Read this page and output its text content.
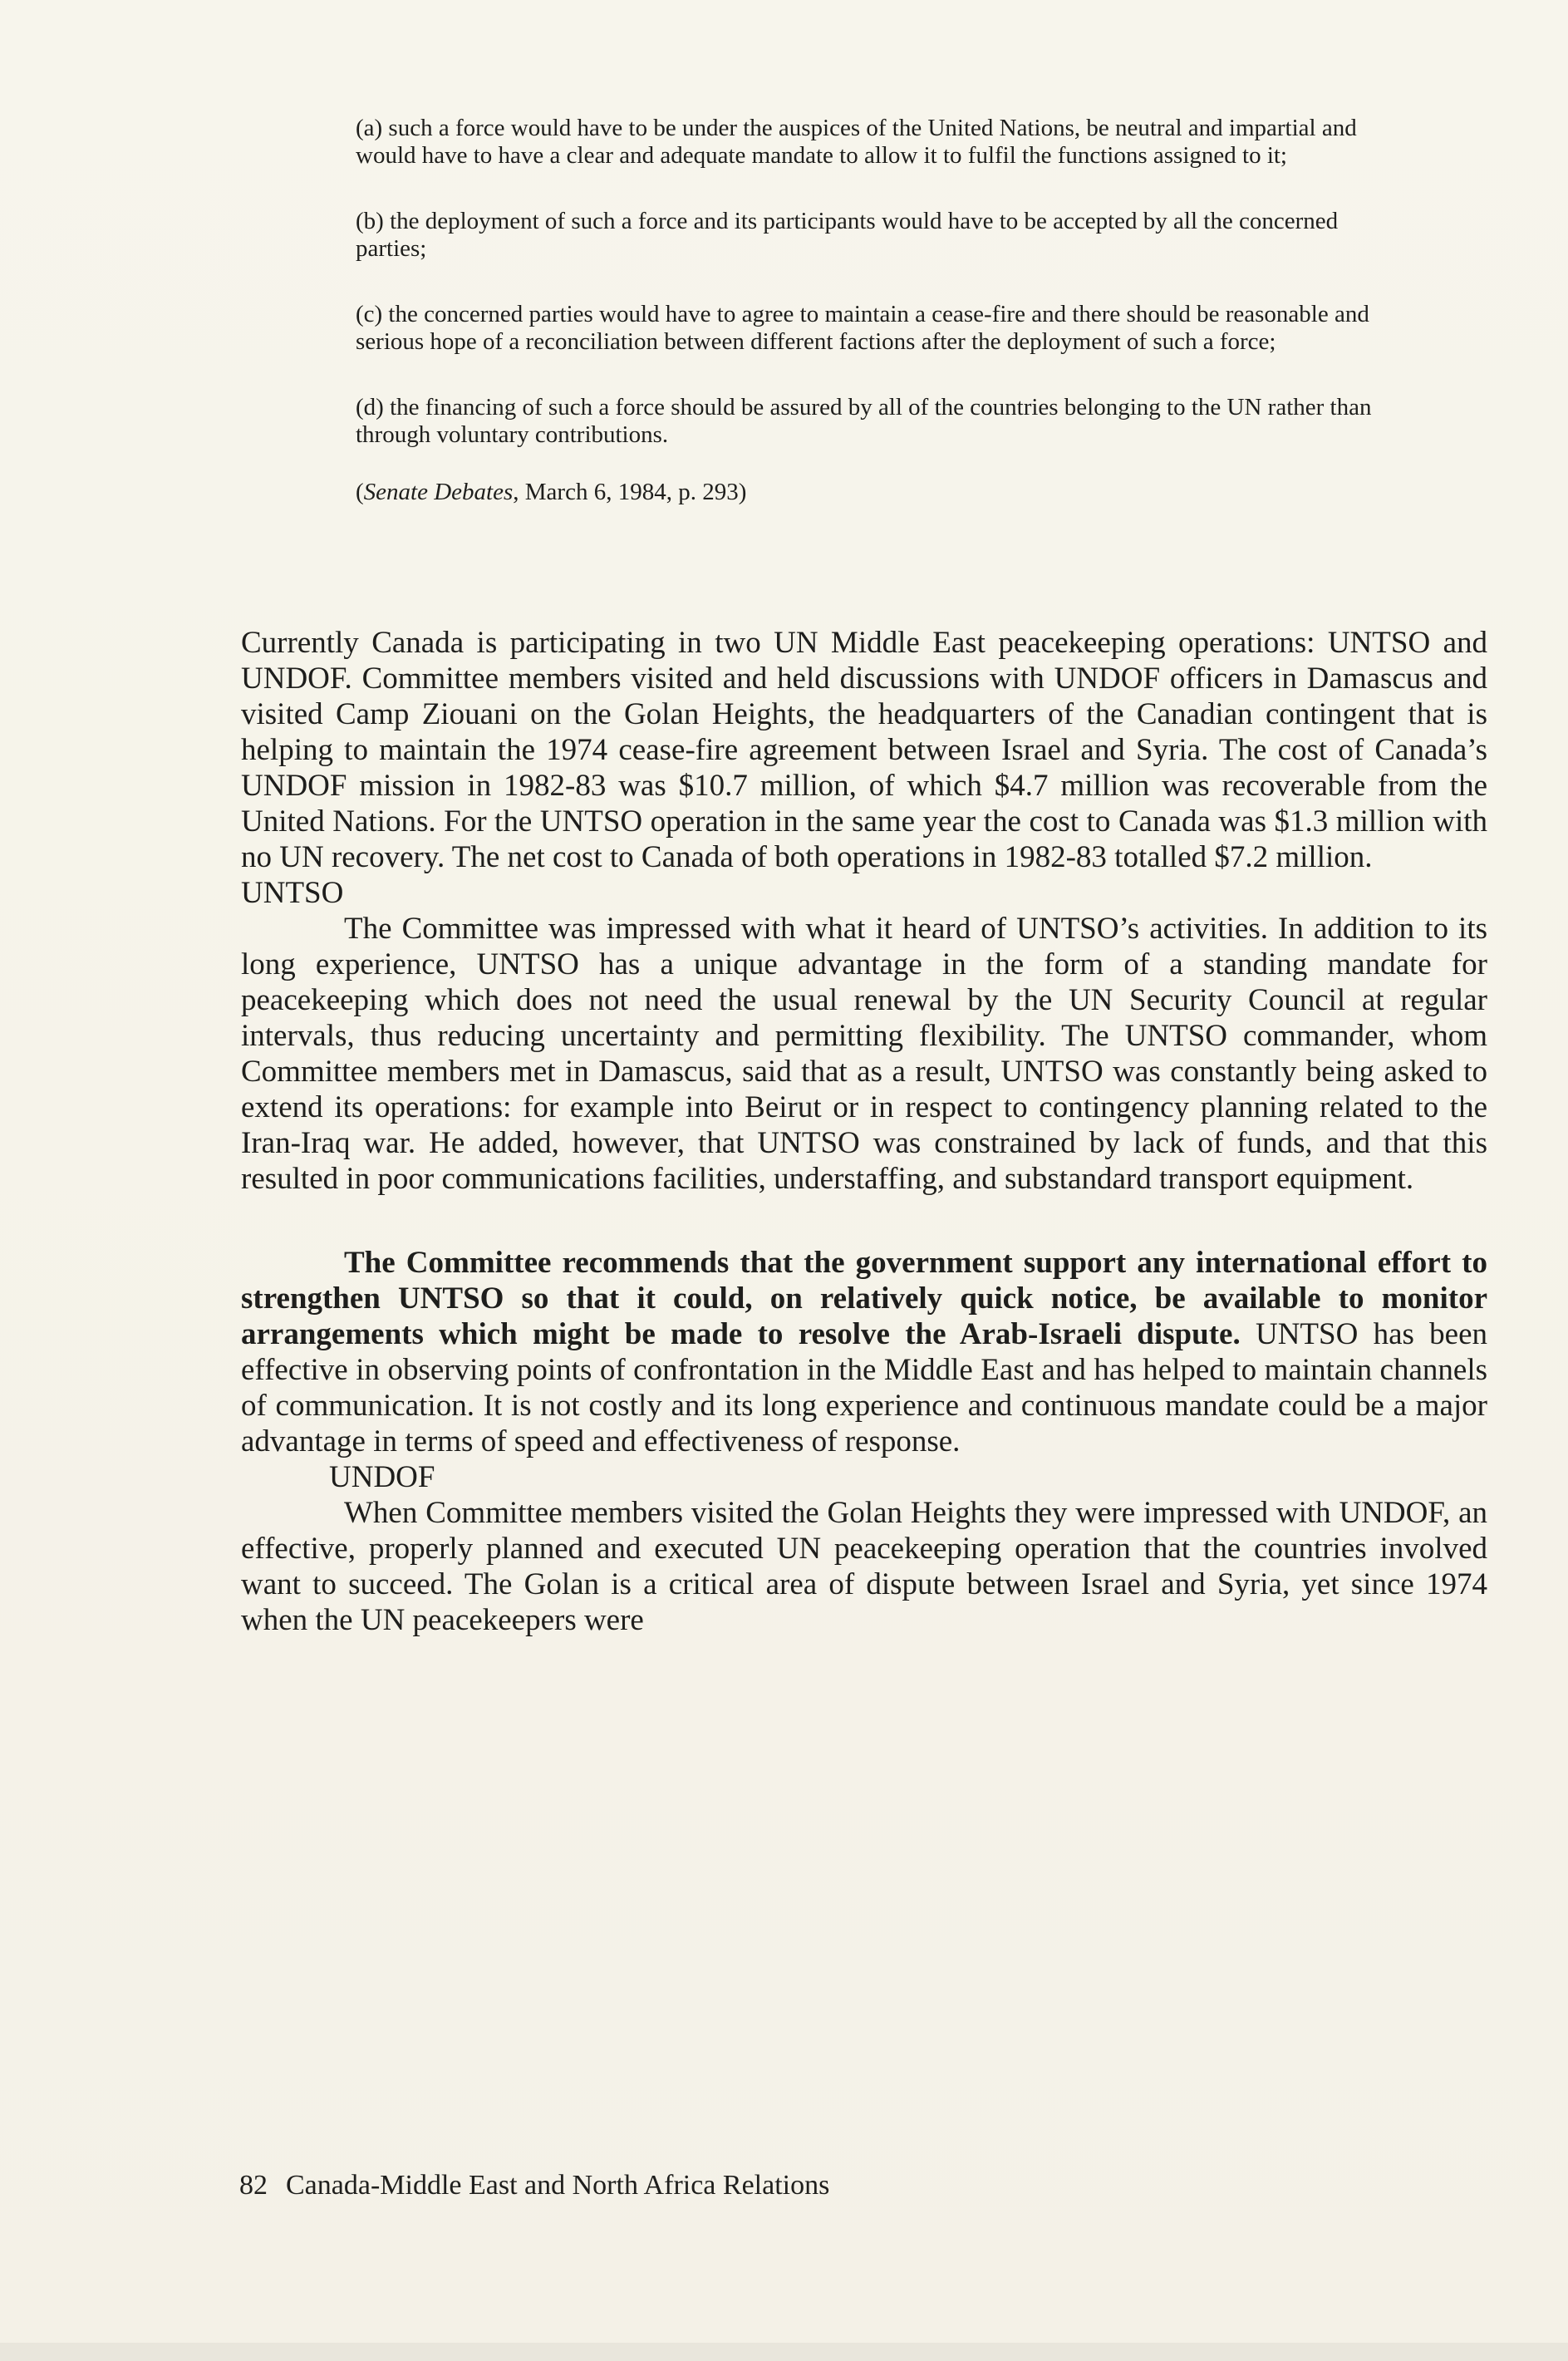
(a) such a force would have to be under the auspices of the United Nations, be neutral and impartial and would have to have a clear and adequate mandate to allow it to fulfil the functions assigned to it;

(b) the deployment of such a force and its participants would have to be accepted by all the concerned parties;

(c) the concerned parties would have to agree to maintain a cease-fire and there should be reasonable and serious hope of a reconciliation between different factions after the deployment of such a force;

(d) the financing of such a force should be assured by all of the countries belonging to the UN rather than through voluntary contributions.

(Senate Debates, March 6, 1984, p. 293)

Currently Canada is participating in two UN Middle East peacekeeping operations: UNTSO and UNDOF. Committee members visited and held discussions with UNDOF officers in Damascus and visited Camp Ziouani on the Golan Heights, the headquarters of the Canadian contingent that is helping to maintain the 1974 cease-fire agreement between Israel and Syria. The cost of Canada’s UNDOF mission in 1982-83 was $10.7 million, of which $4.7 million was recoverable from the United Nations. For the UNTSO operation in the same year the cost to Canada was $1.3 million with no UN recovery. The net cost to Canada of both operations in 1982-83 totalled $7.2 million.

UNTSO

The Committee was impressed with what it heard of UNTSO’s activities. In addition to its long experience, UNTSO has a unique advantage in the form of a standing mandate for peacekeeping which does not need the usual renewal by the UN Security Council at regular intervals, thus reducing uncertainty and permitting flexibility. The UNTSO commander, whom Committee members met in Damascus, said that as a result, UNTSO was constantly being asked to extend its operations: for example into Beirut or in respect to contingency planning related to the Iran-Iraq war. He added, however, that UNTSO was constrained by lack of funds, and that this resulted in poor communications facilities, understaffing, and substandard transport equipment.

The Committee recommends that the government support any international effort to strengthen UNTSO so that it could, on relatively quick notice, be available to monitor arrangements which might be made to resolve the Arab-Israeli dispute. UNTSO has been effective in observing points of confrontation in the Middle East and has helped to maintain channels of communication. It is not costly and its long experience and continuous mandate could be a major advantage in terms of speed and effectiveness of response.

UNDOF

When Committee members visited the Golan Heights they were impressed with UNDOF, an effective, properly planned and executed UN peacekeeping operation that the countries involved want to succeed. The Golan is a critical area of dispute between Israel and Syria, yet since 1974 when the UN peacekeepers were

82 Canada-Middle East and North Africa Relations
